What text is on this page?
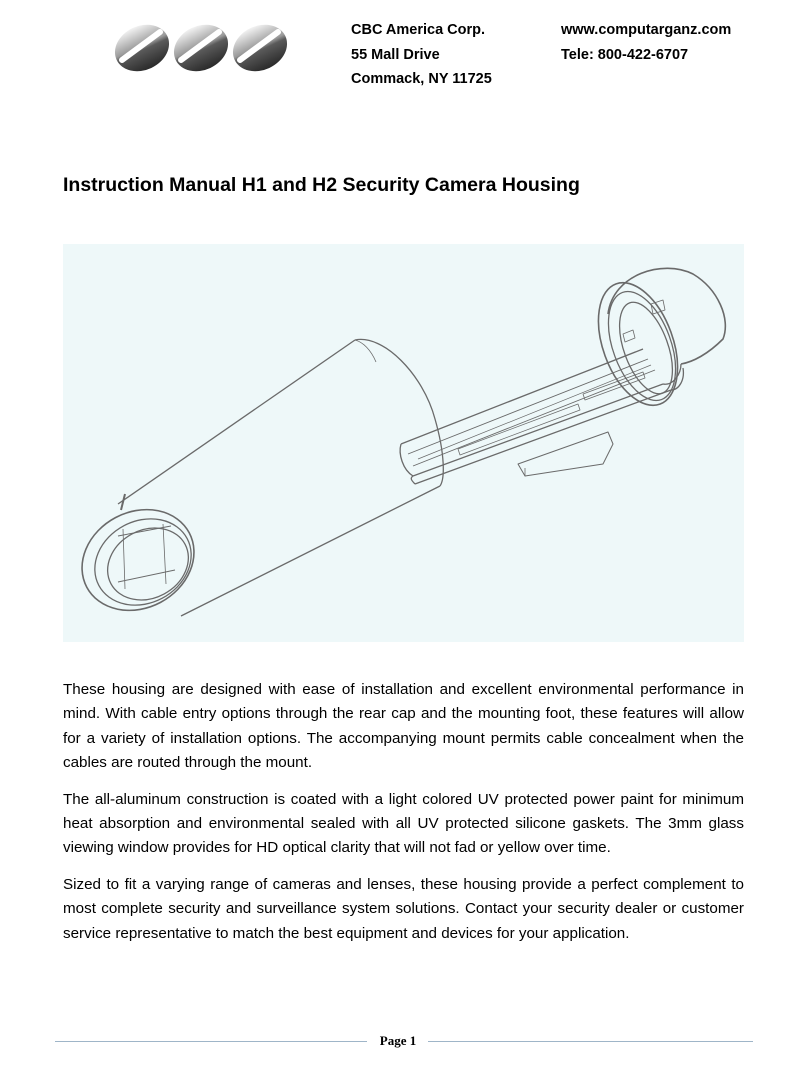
CBC America Corp.
55 Mall Drive
Commack, NY 11725
www.computarganz.com
Tele: 800-422-6707
Instruction Manual H1 and H2 Security Camera Housing

These housing are designed with ease of installation and excellent environmental performance in mind. With cable entry options through the rear cap and the mounting foot, these features will allow for a variety of installation options. The accompanying mount permits cable concealment when the cables are routed through the mount.

The all-aluminum construction is coated with a light colored UV protected power paint for minimum heat absorption and environmental sealed with all UV protected silicone gaskets. The 3mm glass viewing window provides for HD optical clarity that will not fad or yellow over time.

Sized to fit a varying range of cameras and lenses, these housing provide a perfect complement to most complete security and surveillance system solutions. Contact your security dealer or customer service representative to match the best equipment and devices for your application.

Page 1
